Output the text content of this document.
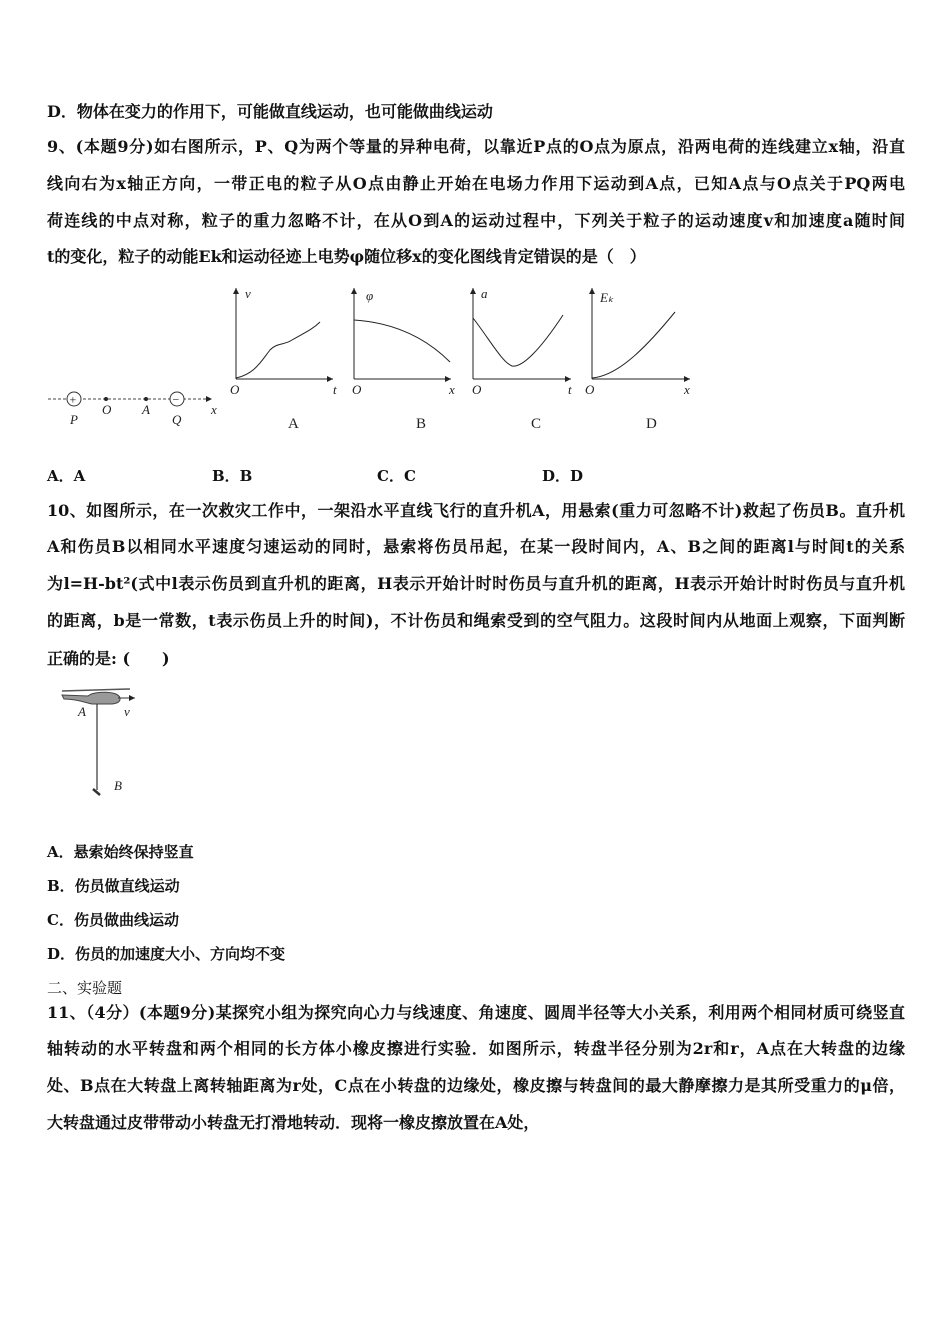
D．物体在变力的作用下，可能做直线运动，也可能做曲线运动
9、(本题9分)如右图所示，P、Q为两个等量的异种电荷，以靠近P点的O点为原点，沿两电荷的连线建立x轴，沿直
线向右为x轴正方向，一带正电的粒子从O点由静止开始在电场力作用下运动到A点，已知A点与O点关于PQ两电
荷连线的中点对称，粒子的重力忽略不计，在从O到A的运动过程中，下列关于粒子的运动速度v和加速度a随时间
t的变化，粒子的动能Ek和运动径迹上电势φ随位移x的变化图线肯定错误的是（　）
+	−
P
O A
Q
x
v
O	t
A
φ
O	x
B
a
O	t
C
Eₖ
O	x
D
A	v
B
A．A	B．B	C．C	D．D
10、如图所示，在一次救灾工作中，一架沿水平直线飞行的直升机A，用悬索(重力可忽略不计)救起了伤员B。直升机
A和伤员B以相同水平速度匀速运动的同时，悬索将伤员吊起，在某一段时间内，A、B之间的距离l与时间t的关系
为l=H-bt²(式中l表示伤员到直升机的距离，H表示开始计时时伤员与直升机的距离，H表示开始计时时伤员与直升机
的距离，b是一常数，t表示伤员上升的时间)，不计伤员和绳索受到的空气阻力。这段时间内从地面上观察，下面判断
正确的是: (　　)
A．悬索始终保持竖直
B．伤员做直线运动
C．伤员做曲线运动
D．伤员的加速度大小、方向均不变
二、实验题
11、（4分）(本题9分)某探究小组为探究向心力与线速度、角速度、圆周半径等大小关系，利用两个相同材质可绕竖直
轴转动的水平转盘和两个相同的长方体小橡皮擦进行实验．如图所示，转盘半径分别为2r和r，A点在大转盘的边缘
处、B点在大转盘上离转轴距离为r处，C点在小转盘的边缘处，橡皮擦与转盘间的最大静摩擦力是其所受重力的μ倍，
大转盘通过皮带带动小转盘无打滑地转动．现将一橡皮擦放置在A处，
